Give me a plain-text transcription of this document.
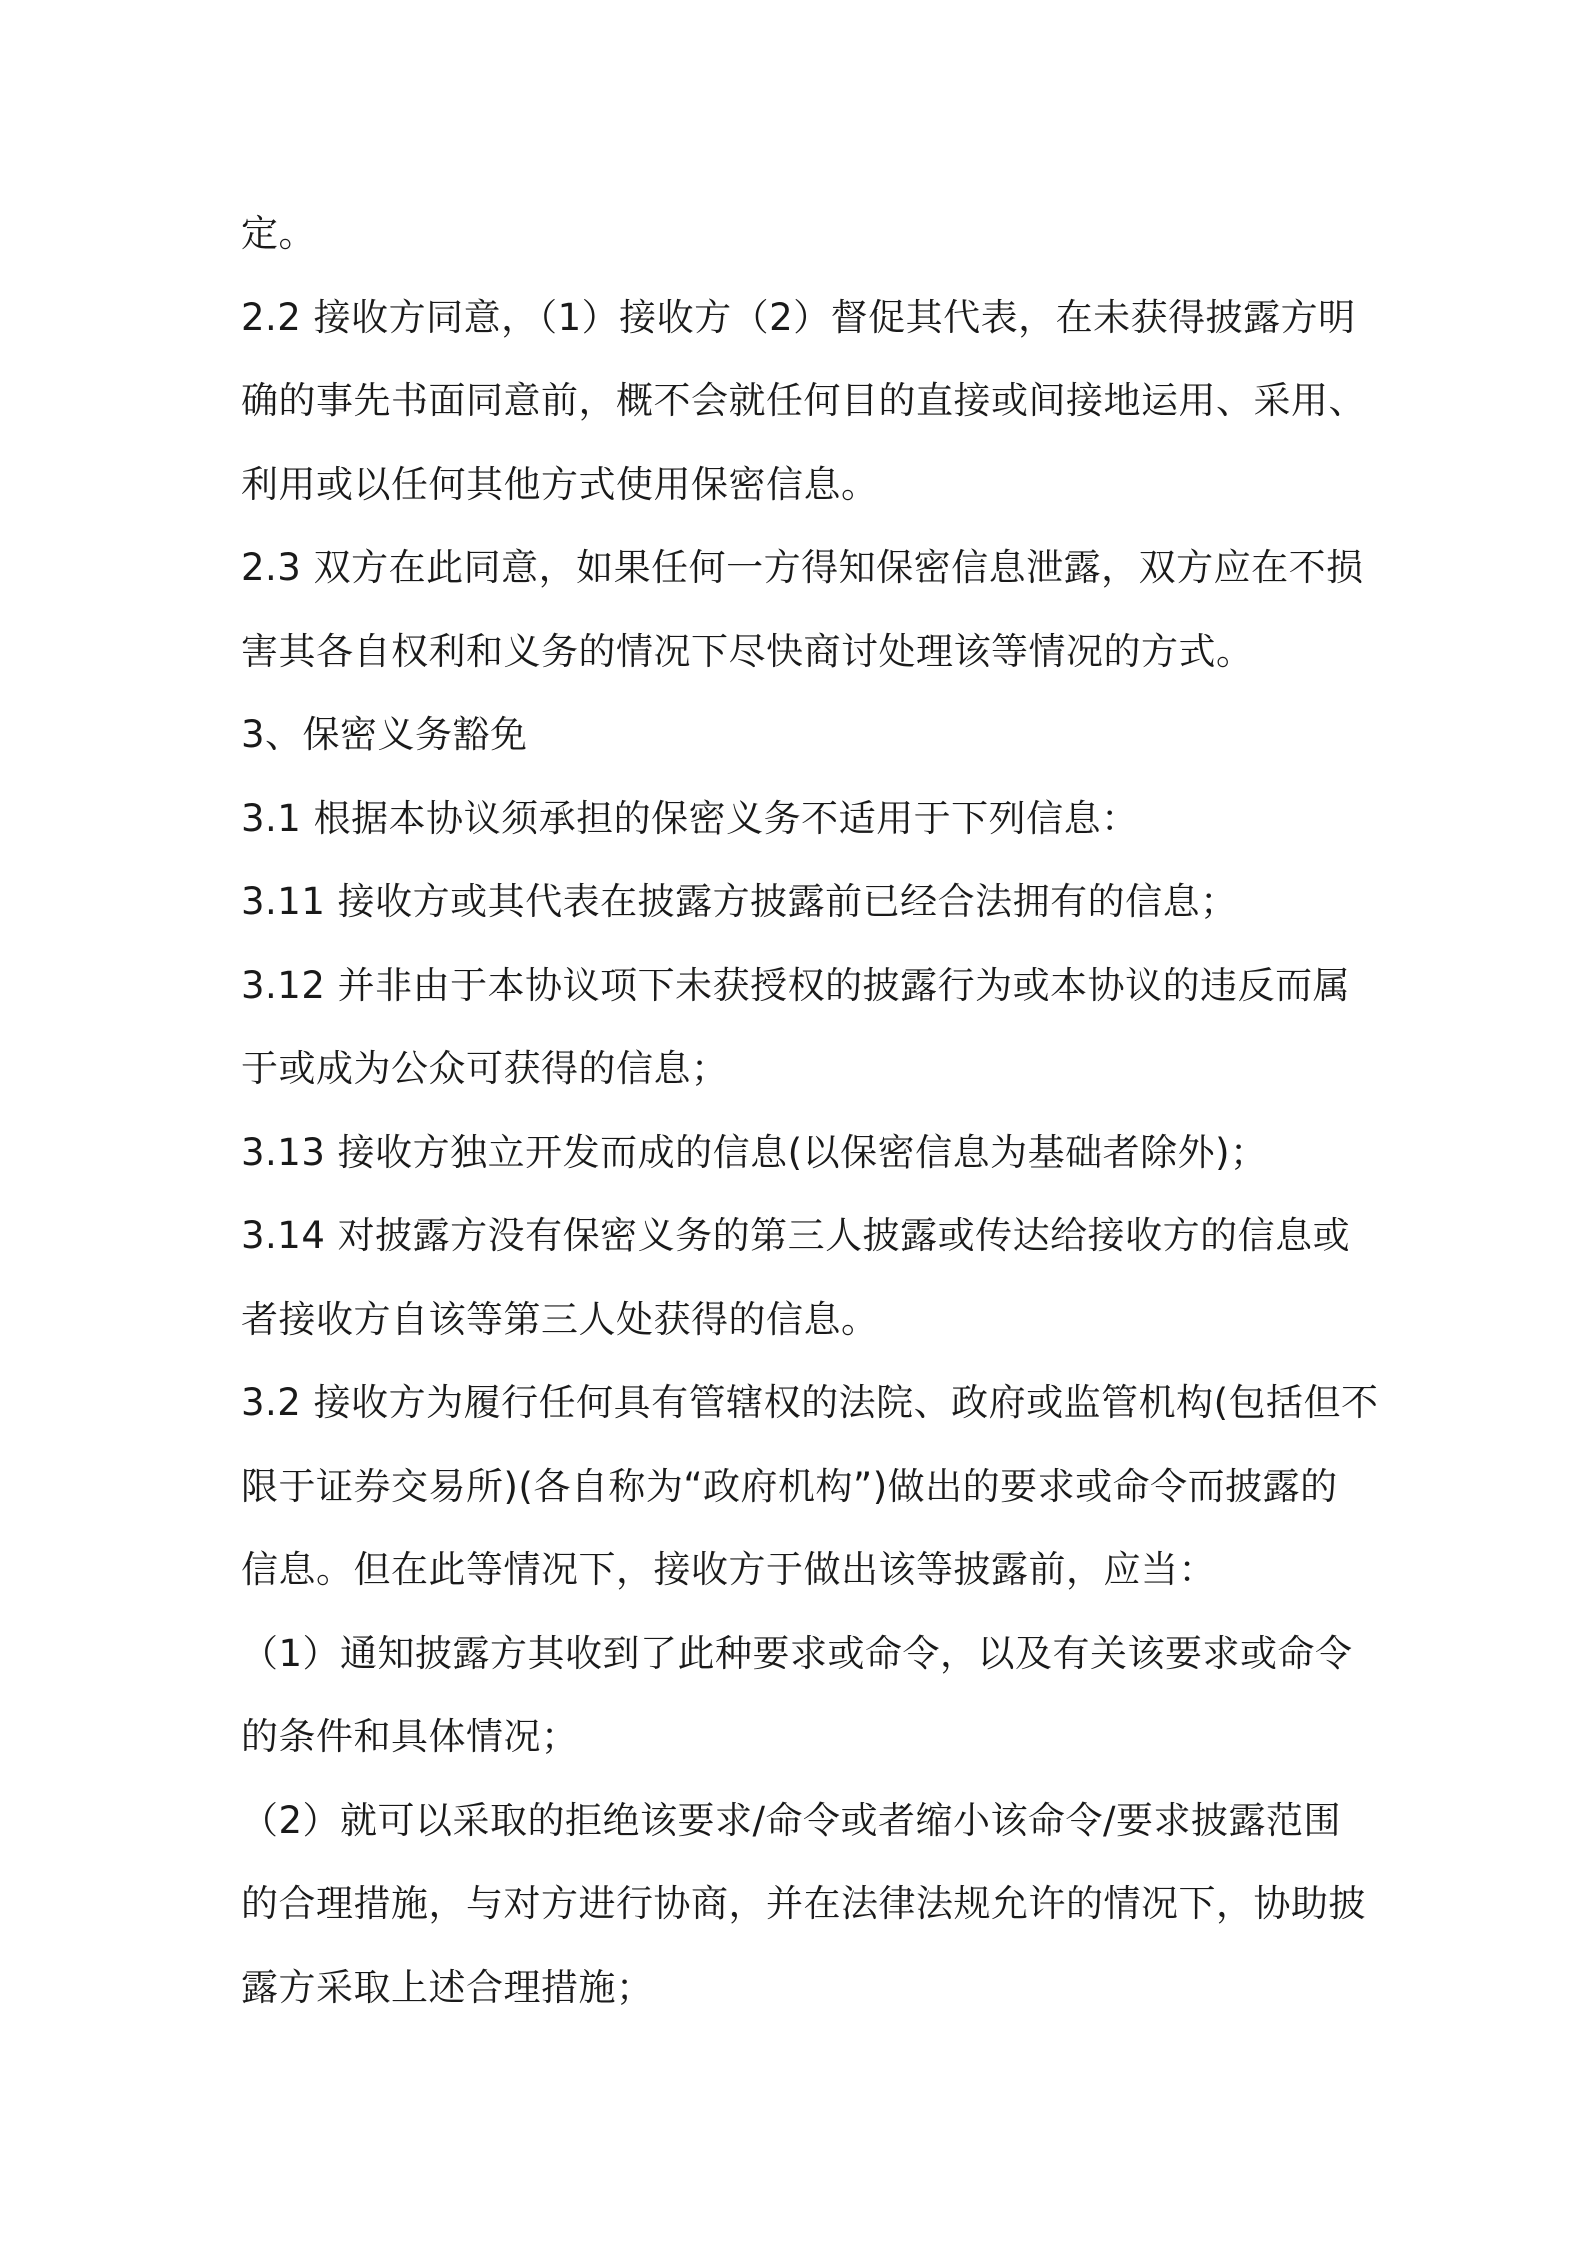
定。
2.2 接收方同意，（1）接收方（2）督促其代表，在未获得披露方明
确的事先书面同意前，概不会就任何目的直接或间接地运用、采用、
利用或以任何其他方式使用保密信息。
2.3 双方在此同意，如果任何一方得知保密信息泄露，双方应在不损
害其各自权利和义务的情况下尽快商讨处理该等情况的方式。
3、保密义务豁免
3.1 根据本协议须承担的保密义务不适用于下列信息：
3.11 接收方或其代表在披露方披露前已经合法拥有的信息；
3.12 并非由于本协议项下未获授权的披露行为或本协议的违反而属
于或成为公众可获得的信息；
3.13 接收方独立开发而成的信息(以保密信息为基础者除外)；
3.14 对披露方没有保密义务的第三人披露或传达给接收方的信息或
者接收方自该等第三人处获得的信息。
3.2 接收方为履行任何具有管辖权的法院、政府或监管机构(包括但不
限于证券交易所)(各自称为“政府机构”)做出的要求或命令而披露的
信息。但在此等情况下，接收方于做出该等披露前，应当：
（1）通知披露方其收到了此种要求或命令，以及有关该要求或命令
的条件和具体情况；
（2）就可以采取的拒绝该要求/命令或者缩小该命令/要求披露范围
的合理措施，与对方进行协商，并在法律法规允许的情况下，协助披
露方采取上述合理措施；
